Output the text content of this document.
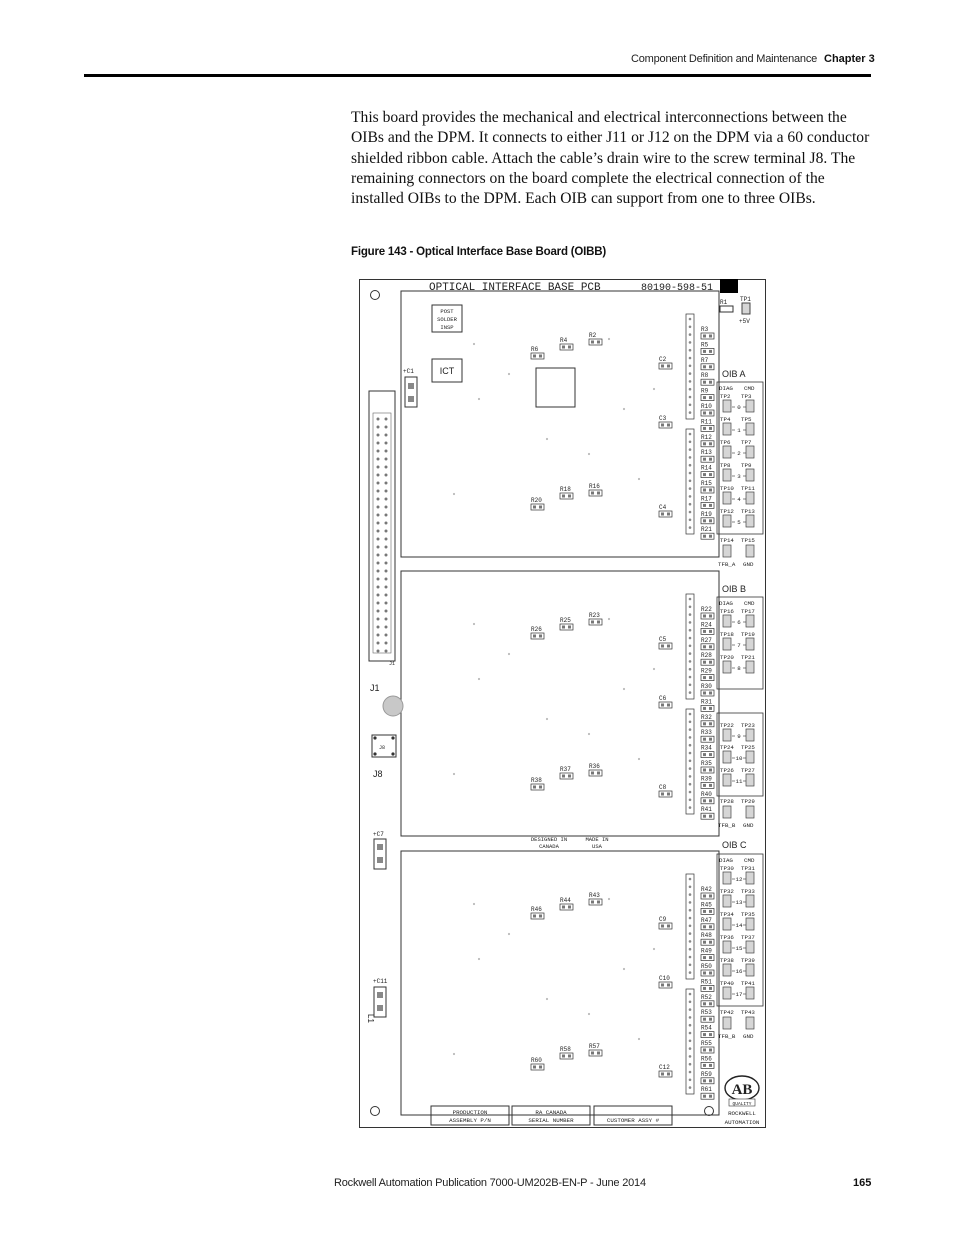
Component Definition and Maintenance Chapter 3

This board provides the mechanical and electrical interconnections between the OIBs and the DPM. It connects to either J11 or J12 on the DPM via a 60 conductor shielded ribbon cable. Attach the cable’s drain wire to the screw terminal J8. The remaining connectors on the board complete the electrical connection of the installed OIBs to the DPM. Each OIB can support from one to three OIBs.

Figure 143 - Optical Interface Base Board (OIBB)
J1
J1
J8
J8
+C1
+C7
+C11
L1
OPTICAL INTERFACE BASE PCB	80190-598-51
POST
SOLDER
INSP
ICT
R1 TP1
+5V
OIB A
DIAG CMD
TP2 TP3
0
TP4 TP5
1
TP6 TP7
2
TP8 TP9
3
TP10 TP11
4
TP12 TP13
5
TP14 TP15
TFB_A GND
OIB B
DIAG CMD
TP16 TP17
6
TP18 TP19
7
TP20 TP21
8
TP22 TP23
9
TP24 TP25
10
TP26 TP27
11
TP28 TP29
TFB_B GND
OIB C
DIAG CMD
TP30 TP31
12
TP32 TP33
13
TP34 TP35
14
TP36 TP37
15
TP38 TP39
16
TP40 TP41
17
TP42 TP43
TFB_B GND
R6
R4
R2
R20
R18	R16
C2
C3
C4
R3
R5
R7
R8
R9
R10
R11
R12
R13
R14
R15
R17
R19
R21
R26
R25
R23
R38
R37	R36
C5
C6
C8
R22
R24
R27
R28
R29
R30
R31
R32
R33
R34
R35
R39
R40
R41
R46
R44
R43
R60
R58	R57
C9
C10
C12
R42
R45
R47
R48
R49
R50
R51
R52
R53
R54
R55
R56
R59
R61
DESIGNED IN
CANADA
MADE IN
USA
PRODUCTION
ASSEMBLY P/N
RA CANADA
SERIAL NUMBER	CUSTOMER ASSY #
AB
QUALITY
ROCKWELL
AUTOMATION
Rockwell Automation Publication 7000-UM202B-EN-P - June 2014	165
